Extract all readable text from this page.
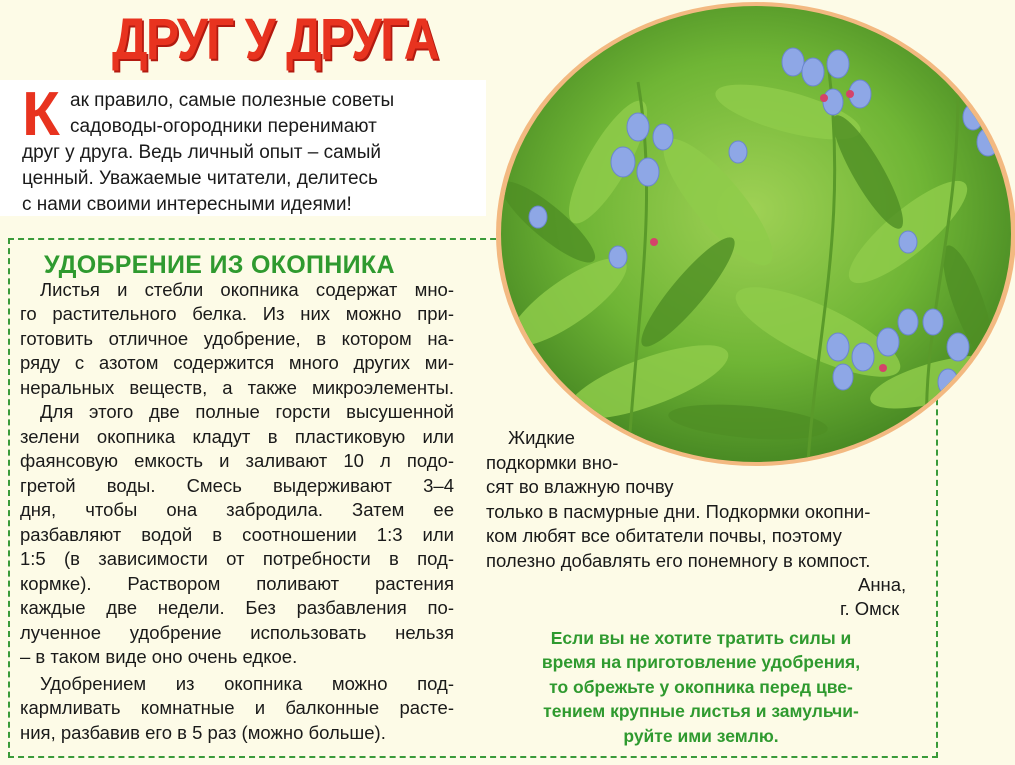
ДРУГ У ДРУГА
К ак правило, самые полезные советы
садоводы-огородники перенимают
друг у друга. Ведь личный опыт – самый
ценный. Уважаемые читатели, делитесь
с нами своими интересными идеями!
УДОБРЕНИЕ ИЗ ОКОПНИКА
Листья и стебли окопника содержат мно-
го растительного белка. Из них можно при-
готовить отличное удобрение, в котором на-
ряду с азотом содержится много других ми-
неральных веществ, а также микроэлементы.
Для этого две полные горсти высушенной
зелени окопника кладут в пластиковую или
фаянсовую емкость и заливают 10 л подо-
гретой воды. Смесь выдерживают 3–4
дня, чтобы она забродила. Затем ее
разбавляют водой в соотношении 1:3 или
1:5 (в зависимости от потребности в под-
кормке). Раствором поливают растения
каждые две недели. Без разбавления по-
лученное удобрение использовать нельзя
– в таком виде оно очень едкое.
Удобрением из окопника можно под-
кармливать комнатные и балконные расте-
ния, разбавив его в 5 раз (можно больше).
Жидкие
подкормки вно-
сят во влажную почву
только в пасмурные дни. Подкормки окопни-
ком любят все обитатели почвы, поэтому
полезно добавлять его понемногу в компост.
Анна,
г. Омск
Если вы не хотите тратить силы и
время на приготовление удобрения,
то обрежьте у окопника перед цве-
тением крупные листья и замульчи-
руйте ими землю.
